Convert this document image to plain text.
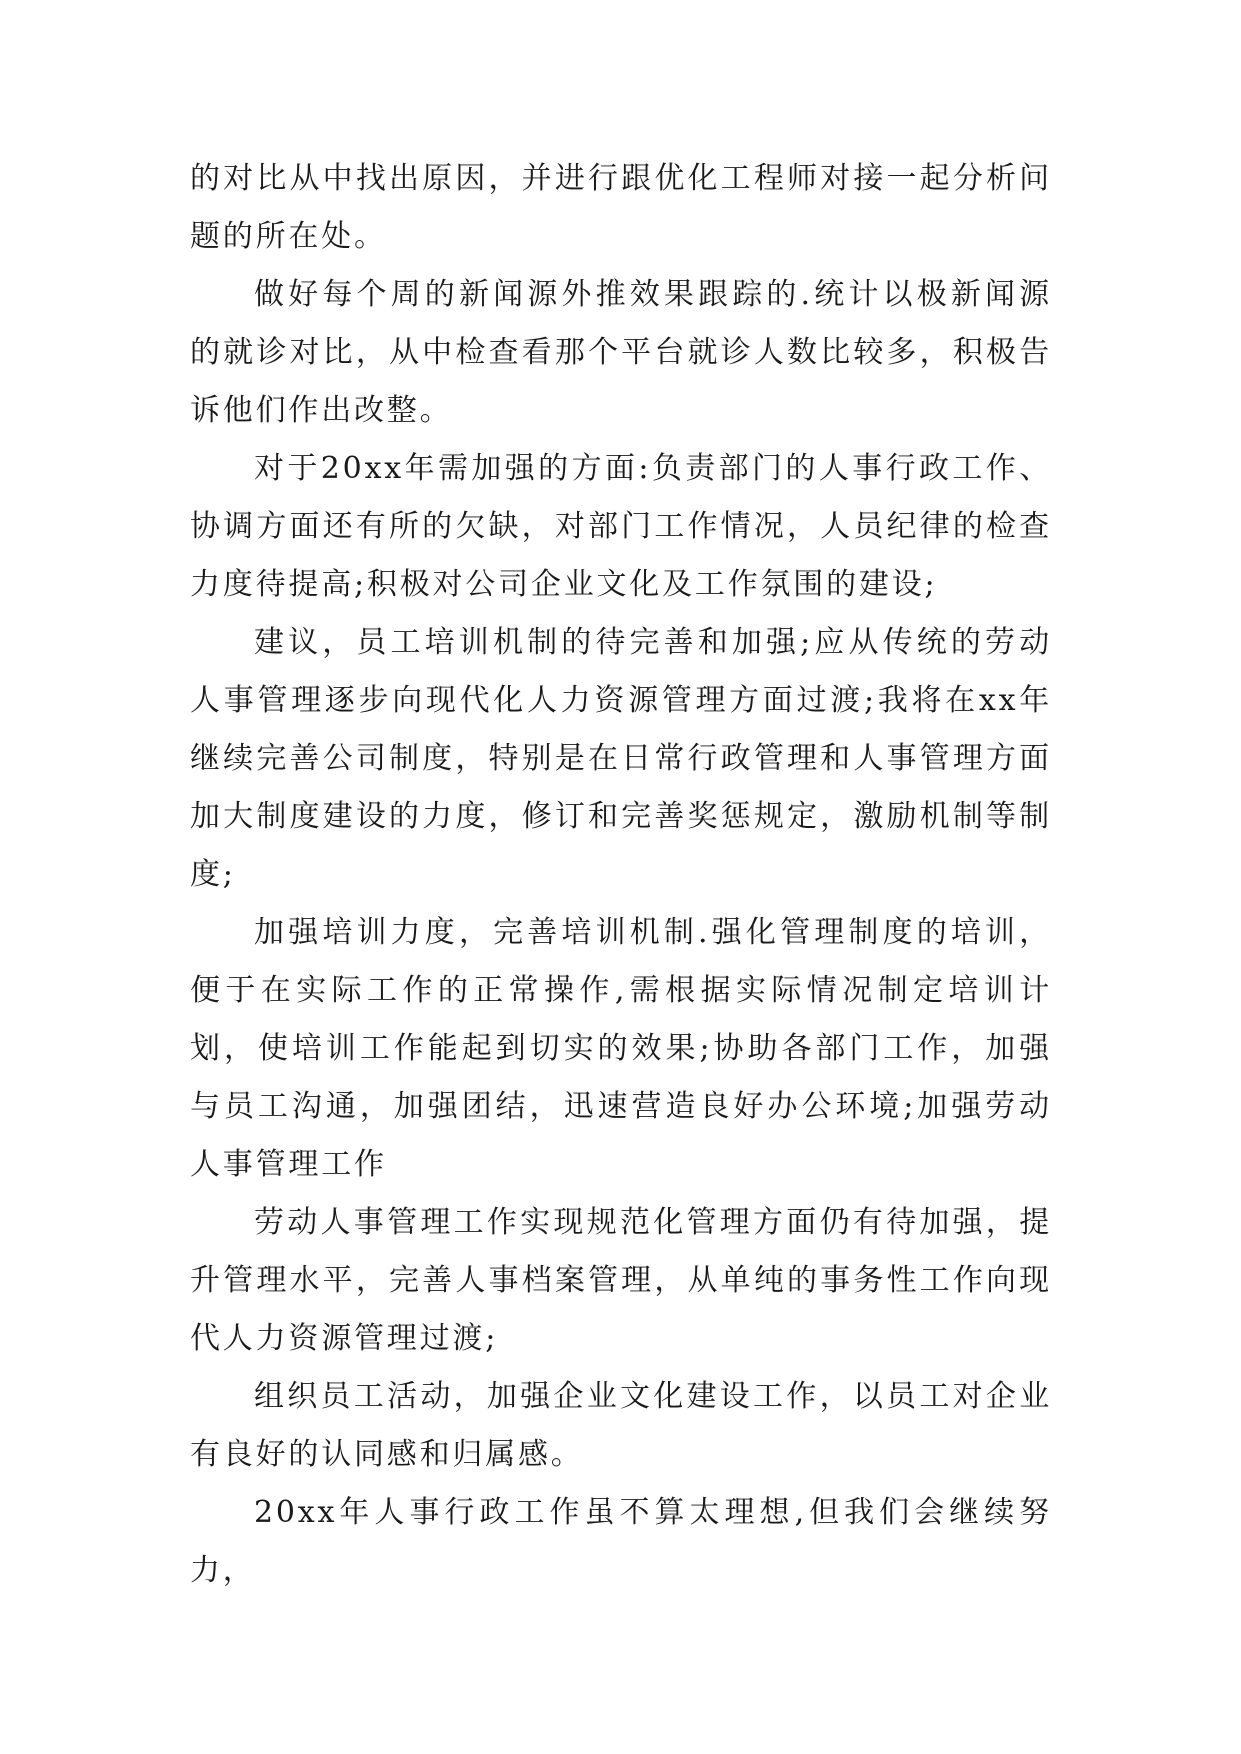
的对比从中找出原因，并进行跟优化工程师对接一起分析问题的所在处。

做好每个周的新闻源外推效果跟踪的.统计以极新闻源的就诊对比，从中检查看那个平台就诊人数比较多，积极告诉他们作出改整。

对于20xx年需加强的方面:负责部门的人事行政工作、协调方面还有所的欠缺，对部门工作情况，人员纪律的检查力度待提高;积极对公司企业文化及工作氛围的建设;

建议，员工培训机制的待完善和加强;应从传统的劳动人事管理逐步向现代化人力资源管理方面过渡;我将在xx年继续完善公司制度，特别是在日常行政管理和人事管理方面加大制度建设的力度，修订和完善奖惩规定，激励机制等制度;

加强培训力度，完善培训机制.强化管理制度的培训，便于在实际工作的正常操作,需根据实际情况制定培训计划，使培训工作能起到切实的效果;协助各部门工作，加强与员工沟通，加强团结，迅速营造良好办公环境;加强劳动人事管理工作

劳动人事管理工作实现规范化管理方面仍有待加强，提升管理水平，完善人事档案管理，从单纯的事务性工作向现代人力资源管理过渡;

组织员工活动，加强企业文化建设工作，以员工对企业有良好的认同感和归属感。

20xx年人事行政工作虽不算太理想,但我们会继续努力，
